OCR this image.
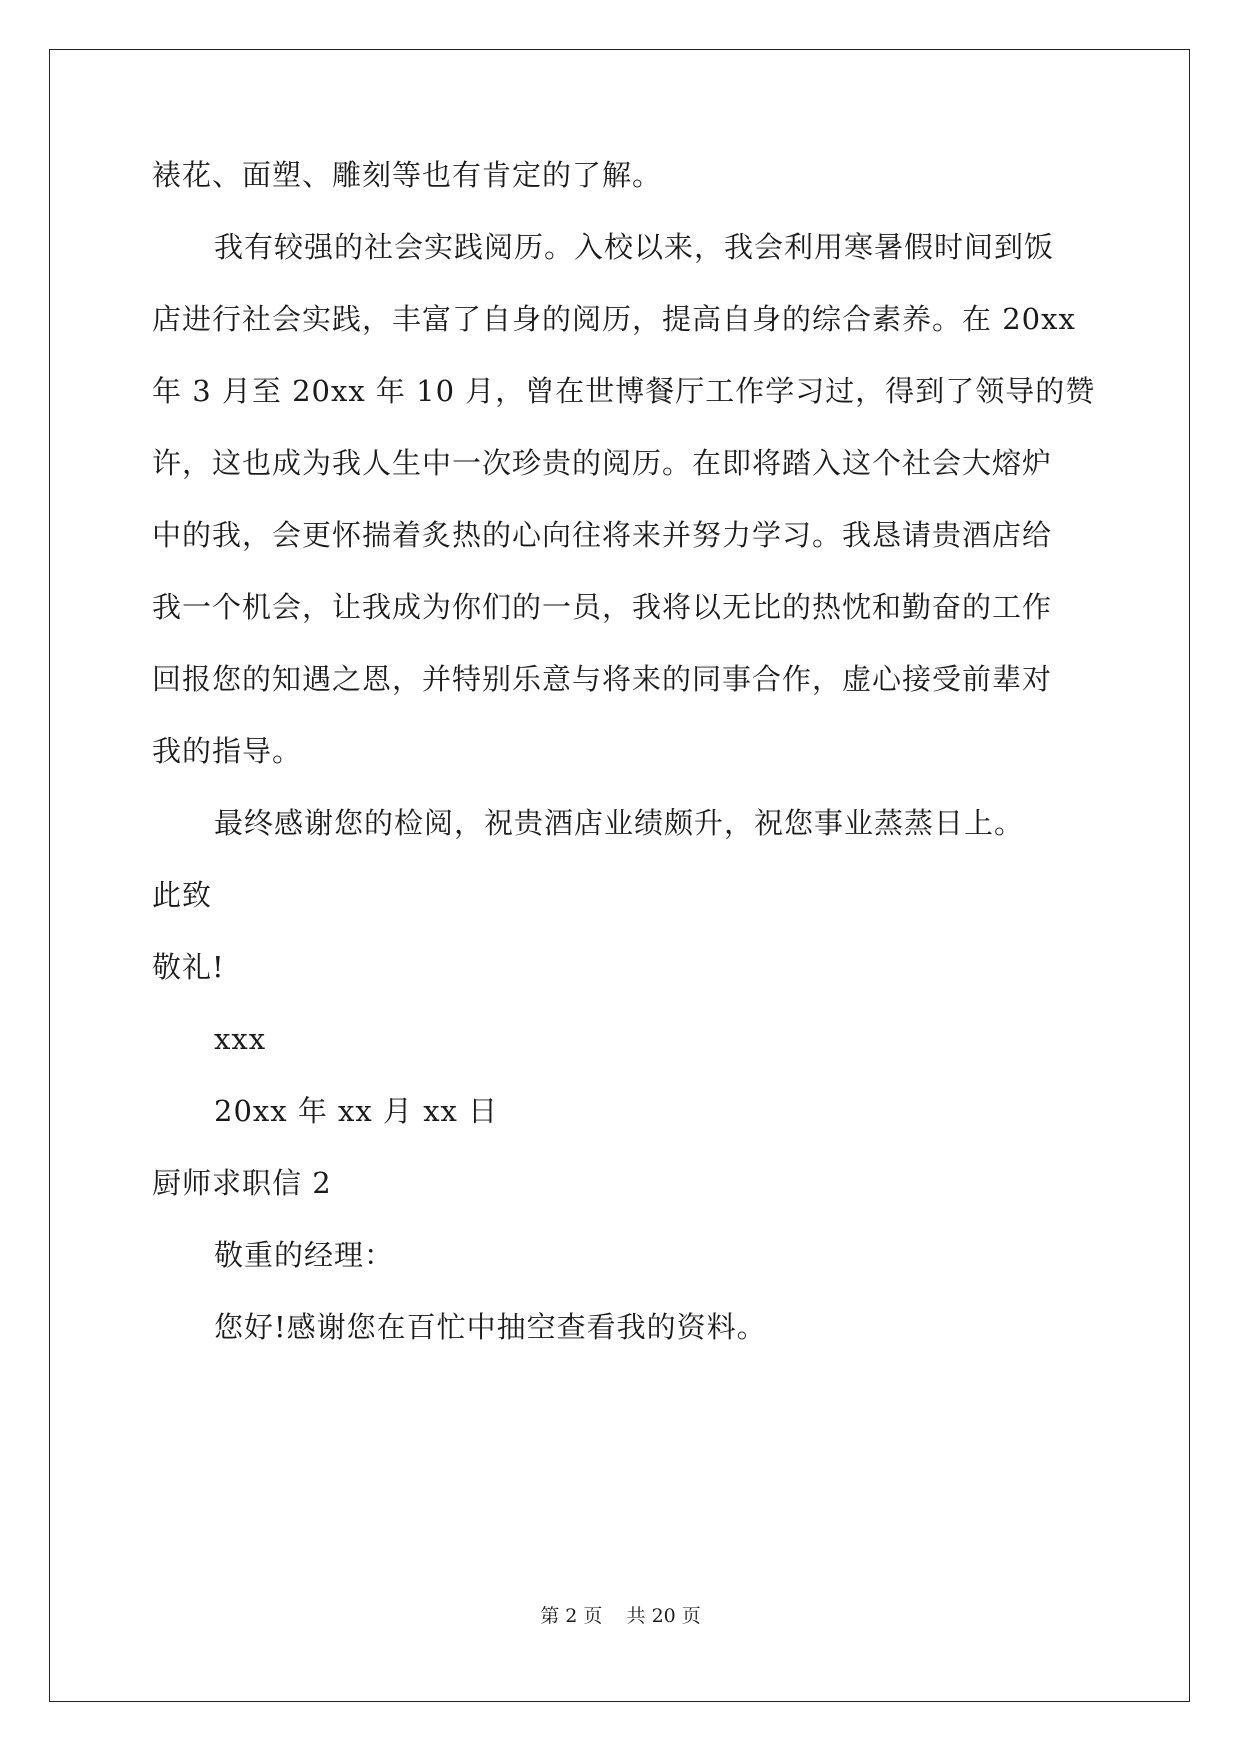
裱花、面塑、雕刻等也有肯定的了解。
我有较强的社会实践阅历。入校以来，我会利用寒暑假时间到饭
店进行社会实践，丰富了自身的阅历，提高自身的综合素养。在 20xx
年 3 月至 20xx 年 10 月，曾在世博餐厅工作学习过，得到了领导的赞
许，这也成为我人生中一次珍贵的阅历。在即将踏入这个社会大熔炉
中的我，会更怀揣着炙热的心向往将来并努力学习。我恳请贵酒店给
我一个机会，让我成为你们的一员，我将以无比的热忱和勤奋的工作
回报您的知遇之恩，并特别乐意与将来的同事合作，虚心接受前辈对
我的指导。
最终感谢您的检阅，祝贵酒店业绩颇升，祝您事业蒸蒸日上。
此致
敬礼!
xxx
20xx 年 xx 月 xx 日
厨师求职信 2
敬重的经理：
您好!感谢您在百忙中抽空查看我的资料。
第 2 页    共 20 页
